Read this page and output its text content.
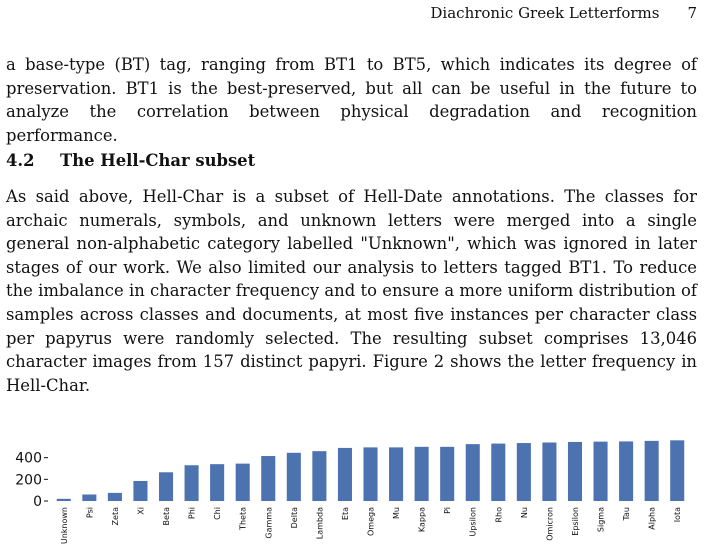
Diachronic Greek Letterforms 7

a base-type (BT) tag, ranging from BT1 to BT5, which indicates its degree of preservation. BT1 is the best-preserved, but all can be useful in the future to analyze the correlation between physical degradation and recognition performance.

4.2 The Hell-Char subset

As said above, Hell-Char is a subset of Hell-Date annotations. The classes for archaic numerals, symbols, and unknown letters were merged into a single general non-alphabetic category labelled "Unknown", which was ignored in later stages of our work. We also limited our analysis to letters tagged BT1. To reduce the imbalance in character frequency and to ensure a more uniform distribution of samples across classes and documents, at most five instances per character class per papyrus were randomly selected. The resulting subset comprises 13,046 character images from 157 distinct papyri. Figure 2 shows the letter frequency in Hell-Char.

0
200
400
Unknown Psi Zeta Xi Beta Phi Chi Theta Gamma Delta Lambda Eta Omega Mu Kappa Pi Upsilon Rho Nu Omicron Epsilon Sigma Tau Alpha Iota
